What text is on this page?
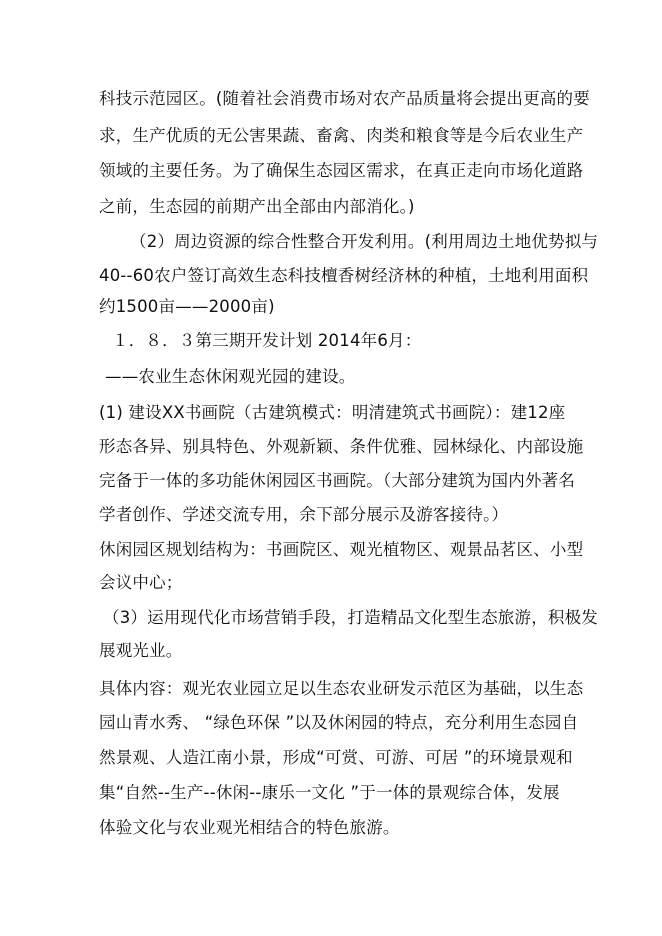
科技示范园区。(随着社会消费市场对农产品质量将会提出更高的要
求，生产优质的无公害果蔬、畜禽、肉类和粮食等是今后农业生产
领域的主要任务。为了确保生态园区需求，在真正走向市场化道路
之前，生态园的前期产出全部由内部消化。)
（2）周边资源的综合性整合开发利用。(利用周边土地优势拟与
40--60农户签订高效生态科技檀香树经济林的种植，土地利用面积
约1500亩——2000亩)
１．８．３第三期开发计划 2014年6月：
——农业生态休闲观光园的建设。
(1) 建设XX书画院（古建筑模式：明清建筑式书画院）：建12座
形态各异、别具特色、外观新颖、条件优雅、园林绿化、内部设施
完备于一体的多功能休闲园区书画院。（大部分建筑为国内外著名
学者创作、学述交流专用，余下部分展示及游客接待。）
休闲园区规划结构为：书画院区、观光植物区、观景品茗区、小型
会议中心；
（3）运用现代化市场营销手段，打造精品文化型生态旅游，积极发
展观光业。
具体内容：观光农业园立足以生态农业研发示范区为基础，以生态
园山青水秀、 “绿色环保 ”以及休闲园的特点，充分利用生态园自
然景观、人造江南小景，形成“可赏、可游、可居 ”的环境景观和
集“自然--生产--休闲--康乐一文化 ”于一体的景观综合体，发展
体验文化与农业观光相结合的特色旅游。
